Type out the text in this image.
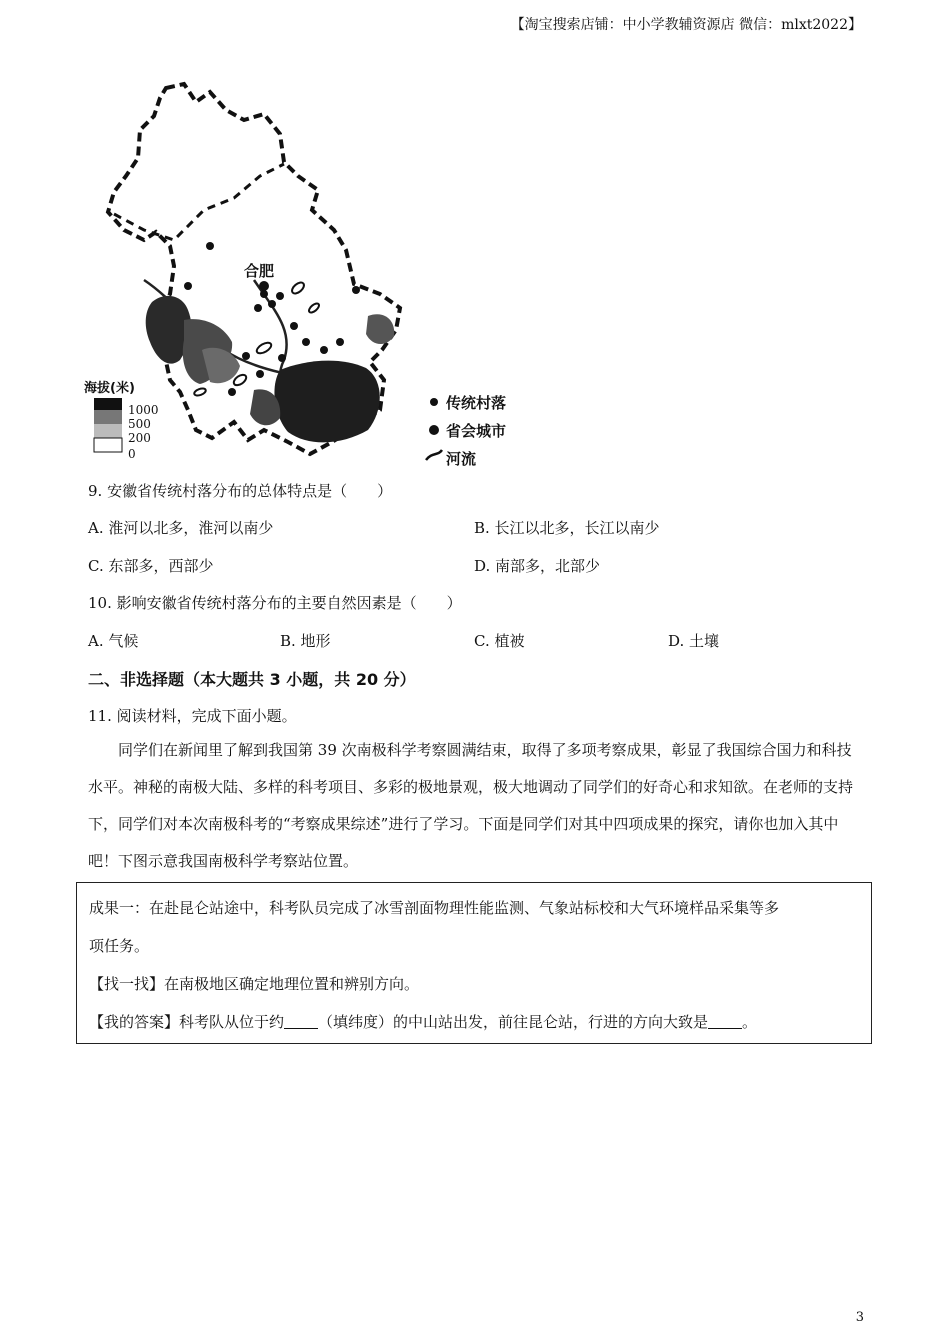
【淘宝搜索店铺：中小学教辅资源店 微信：mlxt2022】
合肥
海拔(米)
1000
500
200
0
传统村落
省会城市
河流
9. 安徽省传统村落分布的总体特点是（　　）
A. 淮河以北多，淮河以南少	B. 长江以北多，长江以南少
C. 东部多，西部少	D. 南部多，北部少
10. 影响安徽省传统村落分布的主要自然因素是（　　）
A. 气候	B. 地形	C. 植被	D. 土壤
二、非选择题（本大题共 3 小题，共 20 分）
11. 阅读材料，完成下面小题。
同学们在新闻里了解到我国第 39 次南极科学考察圆满结束，取得了多项考察成果，彰显了我国综合国力和科技水平。神秘的南极大陆、多样的科考项目、多彩的极地景观，极大地调动了同学们的好奇心和求知欲。在老师的支持下，同学们对本次南极科考的“考察成果综述”进行了学习。下面是同学们对其中四项成果的探究，请你也加入其中吧！下图示意我国南极科学考察站位置。
成果一：在赴昆仑站途中，科考队员完成了冰雪剖面物理性能监测、气象站标校和大气环境样品采集等多
项任务。
【找一找】在南极地区确定地理位置和辨别方向。
【我的答案】科考队从位于约 （填纬度）的中山站出发，前往昆仑站，行进的方向大致是 。
3
